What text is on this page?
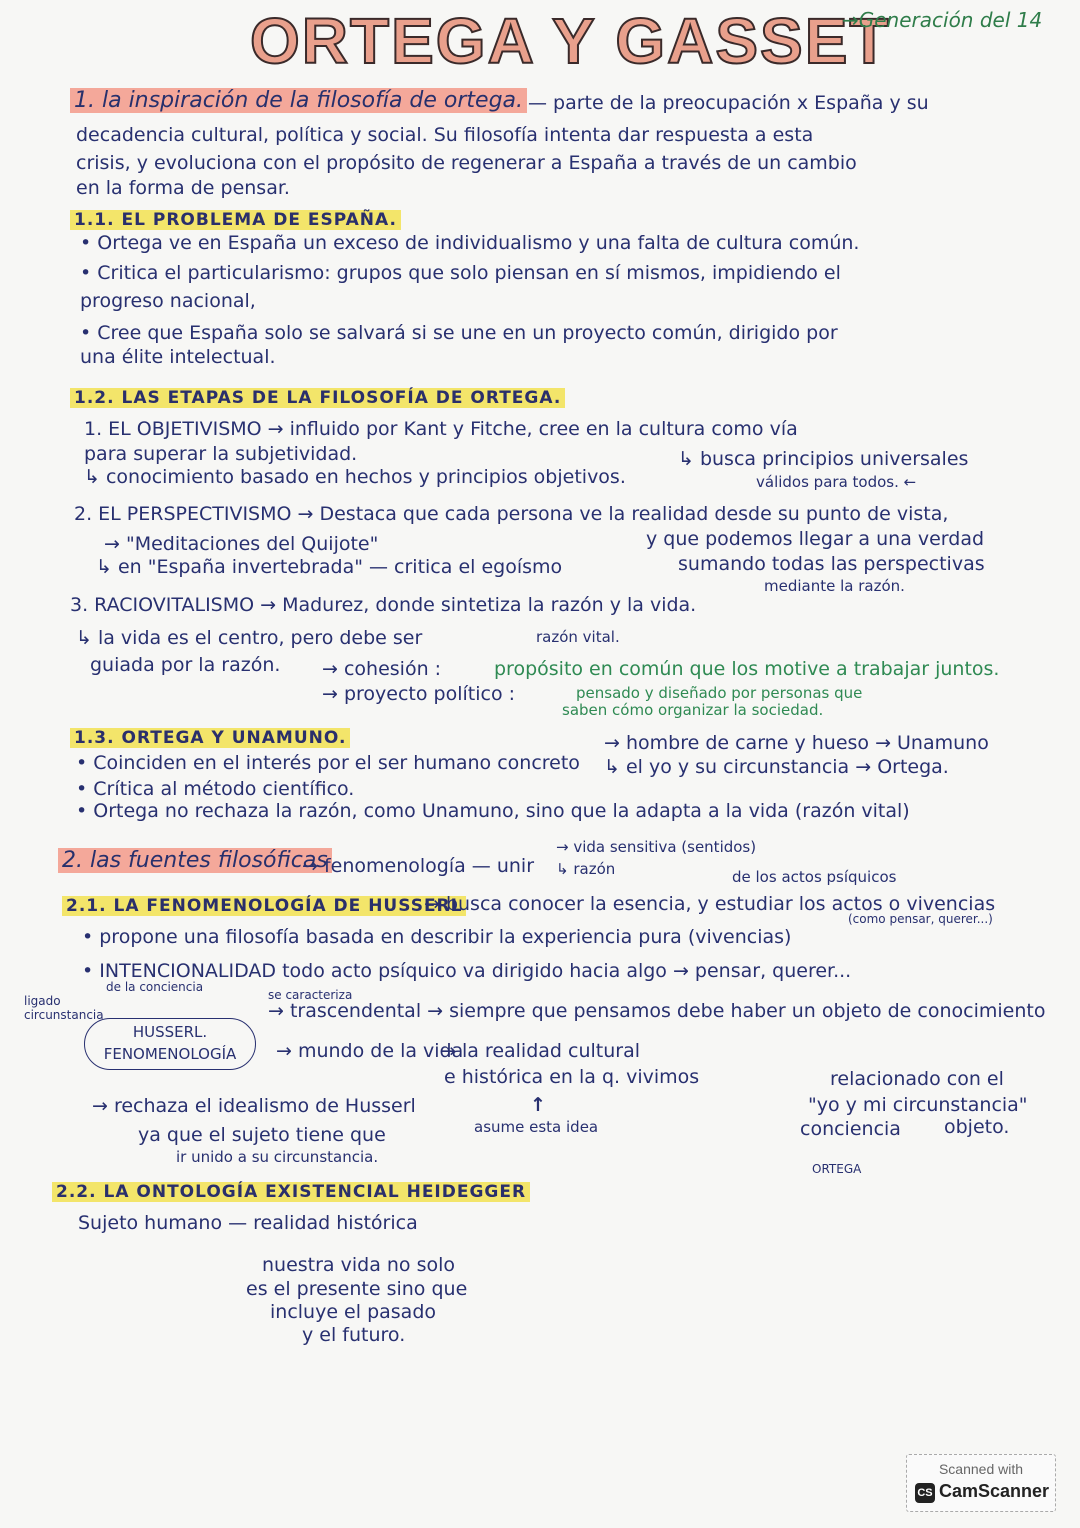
ORTEGA Y GASSET
→Generación del 14
1. la inspiración de la filosofía de ortega. — parte de la preocupación x España y su
decadencia cultural, política y social. Su filosofía intenta dar respuesta a esta
crisis, y evoluciona con el propósito de regenerar a España a través de un cambio
en la forma de pensar.
1.1. EL PROBLEMA DE ESPAÑA.
• Ortega ve en España un exceso de individualismo y una falta de cultura común.
• Critica el particularismo: grupos que solo piensan en sí mismos, impidiendo el
progreso nacional,
• Cree que España solo se salvará si se une en un proyecto común, dirigido por
una élite intelectual.
1.2. LAS ETAPAS DE LA FILOSOFÍA DE ORTEGA.
1. EL OBJETIVISMO → influido por Kant y Fitche, cree en la cultura como vía
para superar la subjetividad.
↳ conocimiento basado en hechos y principios objetivos.
↳ busca principios universales
válidos para todos. ←
2. EL PERSPECTIVISMO → Destaca que cada persona ve la realidad desde su punto de vista,
→ "Meditaciones del Quijote"
↳ en "España invertebrada" — critica el egoísmo
y que podemos llegar a una verdad
sumando todas las perspectivas
mediante la razón.
3. RACIOVITALISMO → Madurez, donde sintetiza la razón y la vida.
↳ la vida es el centro, pero debe ser
guiada por la razón.
razón vital.
→ cohesión :	propósito en común que los motive a trabajar juntos.
→ proyecto político :	pensado y diseñado por personas que
saben cómo organizar la sociedad.
1.3. ORTEGA Y UNAMUNO.
• Coinciden en el interés por el ser humano concreto
→ hombre de carne y hueso → Unamuno
↳ el yo y su circunstancia → Ortega.
• Crítica al método científico.
• Ortega no rechaza la razón, como Unamuno, sino que la adapta a la vida (razón vital)
2. las fuentes filosóficas
→ fenomenología — unir
→ vida sensitiva (sentidos)
↳ razón
2.1. LA FENOMENOLOGÍA DE HUSSERL
de los actos psíquicos
→ busca conocer la esencia, y estudiar los actos o vivencias
(como pensar, querer...)
• propone una filosofía basada en describir la experiencia pura (vivencias)
• INTENCIONALIDAD todo acto psíquico va dirigido hacia algo → pensar, querer...
de la conciencia
se caracteriza
ligado circunstancia	→ trascendental → siempre que pensamos debe haber un objeto de conocimiento
HUSSERL. FENOMENOLOGÍA	→ mundo de la vida
→ la realidad cultural
e histórica en la q. vivimos
→ rechaza el idealismo de Husserl
ya que el sujeto tiene que
ir unido a su circunstancia.
↑
asume esta idea
relacionado con el
"yo y mi circunstancia"
conciencia objeto.
ORTEGA
2.2. LA ONTOLOGÍA EXISTENCIAL HEIDEGGER
Sujeto humano — realidad histórica
nuestra vida no solo
es el presente sino que
incluye el pasado
y el futuro.
Scanned with
CS CamScanner
